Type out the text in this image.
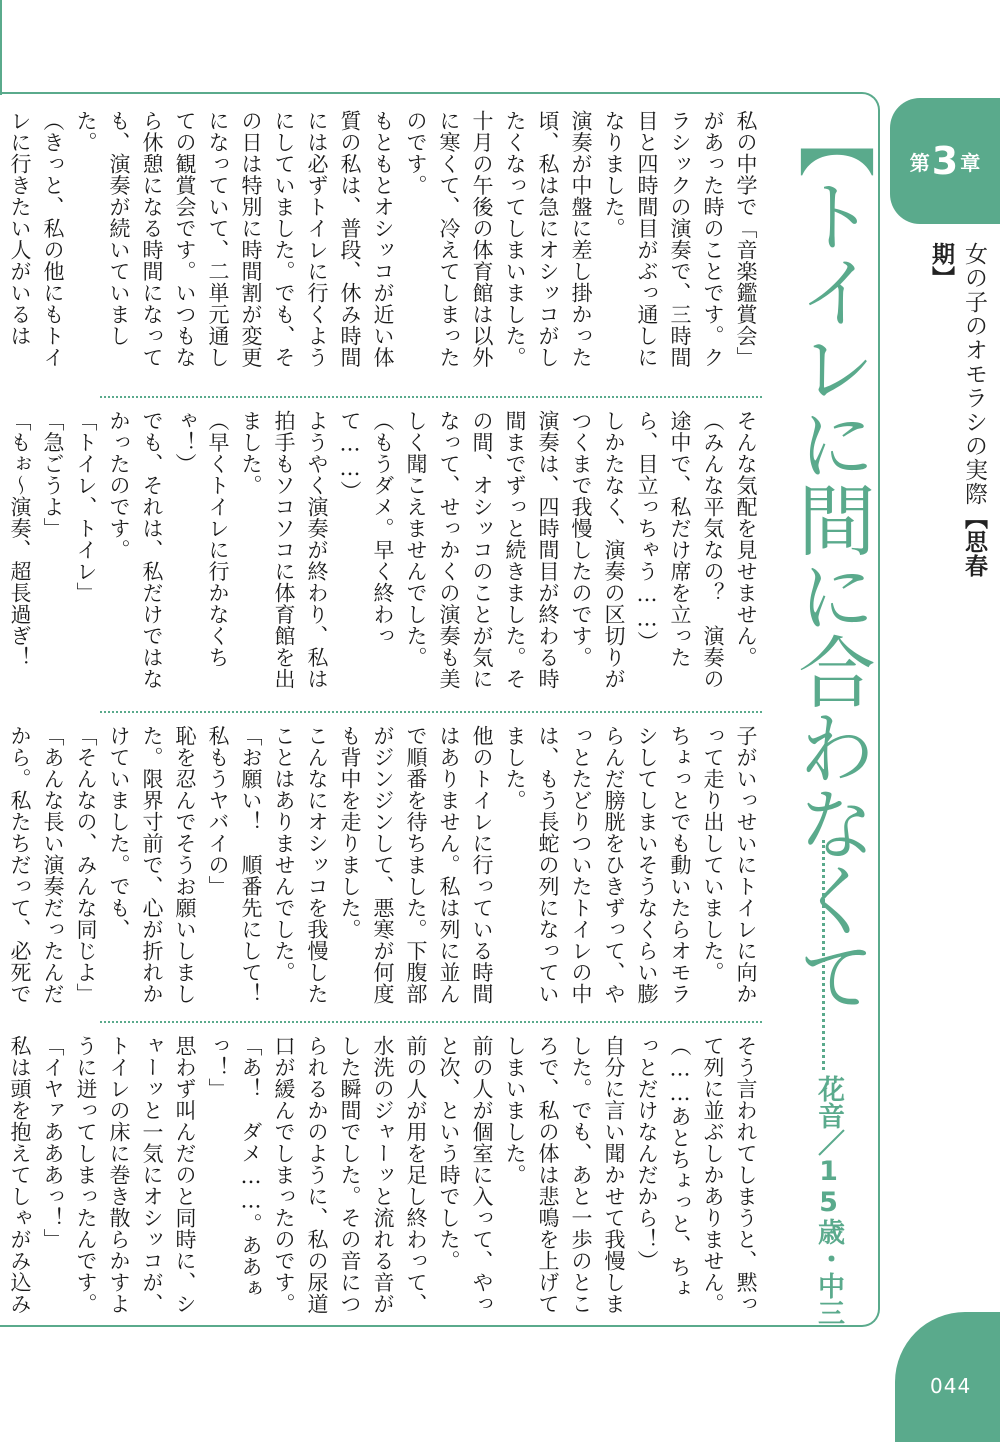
第 3 章
女の子のオモラシの実際【思春期】
【トイレに間に合わなくて
花音／15歳・中三

私の中学で「音楽鑑賞会」があった時のことです。クラシックの演奏で、三時間目と四時間目がぶっ通しになりました。

演奏が中盤に差し掛かった頃、私は急にオシッコがしたくなってしまいました。

十月の午後の体育館は以外に寒くて、冷えてしまったのです。

もともとオシッコが近い体質の私は、普段、休み時間には必ずトイレに行くようにしていました。でも、その日は特別に時間割が変更になっていて、二単元通しての観賞会です。いつもなら休憩になる時間になっても、演奏が続いていました。

（きっと、私の他にもトイレに行きたい人がいるは

そんな気配を見せません。

（みんな平気なの？　演奏の途中で、私だけ席を立ったら、目立っちゃう……）

しかたなく、演奏の区切りがつくまで我慢したのです。

演奏は、四時間目が終わる時間までずっと続きました。その間、オシッコのことが気になって、せっかくの演奏も美しく聞こえませんでした。

（もうダメ。早く終わって……）

ようやく演奏が終わり、私は拍手もソコソコに体育館を出ました。

（早くトイレに行かなくちゃ！）

でも、それは、私だけではなかったのです。

「トイレ、トイレ」

「急ごうよ」

「もぉ〜演奏、超長過ぎ！　

子がいっせいにトイレに向かって走り出していました。

ちょっとでも動いたらオモラシしてしまいそうなくらい膨らんだ膀胱をひきずって、やっとたどりついたトイレの中は、もう長蛇の列になっていました。

他のトイレに行っている時間はありません。私は列に並んで順番を待ちました。下腹部がジンジンして、悪寒が何度も背中を走りました。

こんなにオシッコを我慢したことはありませんでした。

「お願い！　順番先にして！　私もうヤバイの」

恥を忍んでそうお願いしました。限界寸前で、心が折れかけていました。でも、

「そんなの、みんな同じよ」

「あんな長い演奏だったんだから。私たちだって、必死で

そう言われてしまうと、黙って列に並ぶしかありません。

（……あとちょっと、ちょっとだけなんだから！）

自分に言い聞かせて我慢しました。でも、あと一歩のところで、私の体は悲鳴を上げてしまいました。

前の人が個室に入って、やっと次、という時でした。

前の人が用を足し終わって、水洗のジャーッと流れる音がした瞬間でした。その音につられるかのように、私の尿道口が緩んでしまったのです。

「あ！　ダメ……。ああぁっ！」

思わず叫んだのと同時に、シャーッと一気にオシッコが、トイレの床に巻き散らかすように迸ってしまったんです。

「イヤァあああっ！」

私は頭を抱えてしゃがみ込み

044
